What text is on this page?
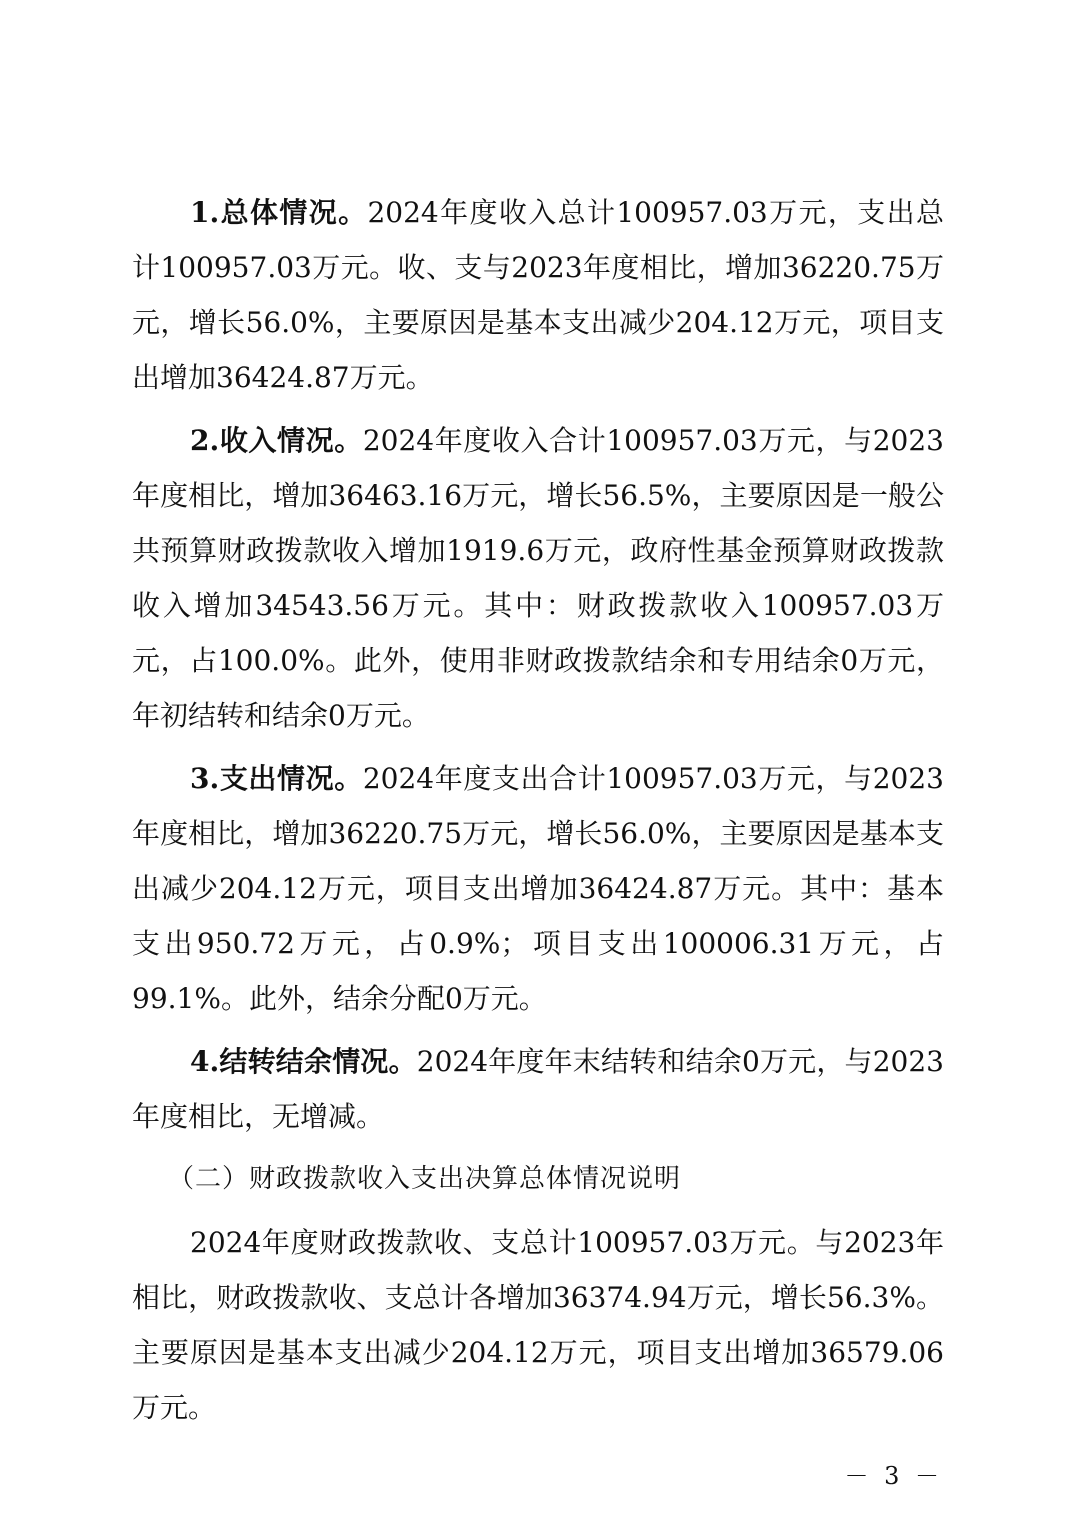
1.总体情况。2024年度收入总计100957.03万元，支出总计100957.03万元。收、支与2023年度相比，增加36220.75万元，增长56.0%，主要原因是基本支出减少204.12万元，项目支出增加36424.87万元。

2.收入情况。2024年度收入合计100957.03万元，与2023年度相比，增加36463.16万元，增长56.5%，主要原因是一般公共预算财政拨款收入增加1919.6万元，政府性基金预算财政拨款收入增加34543.56万元。其中：财政拨款收入100957.03万元，占100.0%。此外，使用非财政拨款结余和专用结余0万元，年初结转和结余0万元。

3.支出情况。2024年度支出合计100957.03万元，与2023年度相比，增加36220.75万元，增长56.0%，主要原因是基本支出减少204.12万元，项目支出增加36424.87万元。其中：基本支出950.72万元，占0.9%；项目支出100006.31万元，占99.1%。此外，结余分配0万元。

4.结转结余情况。2024年度年末结转和结余0万元，与2023年度相比，无增减。

（二）财政拨款收入支出决算总体情况说明

2024年度财政拨款收、支总计100957.03万元。与2023年相比，财政拨款收、支总计各增加36374.94万元，增长56.3%。主要原因是基本支出减少204.12万元，项目支出增加36579.06万元。

－ 3 －
